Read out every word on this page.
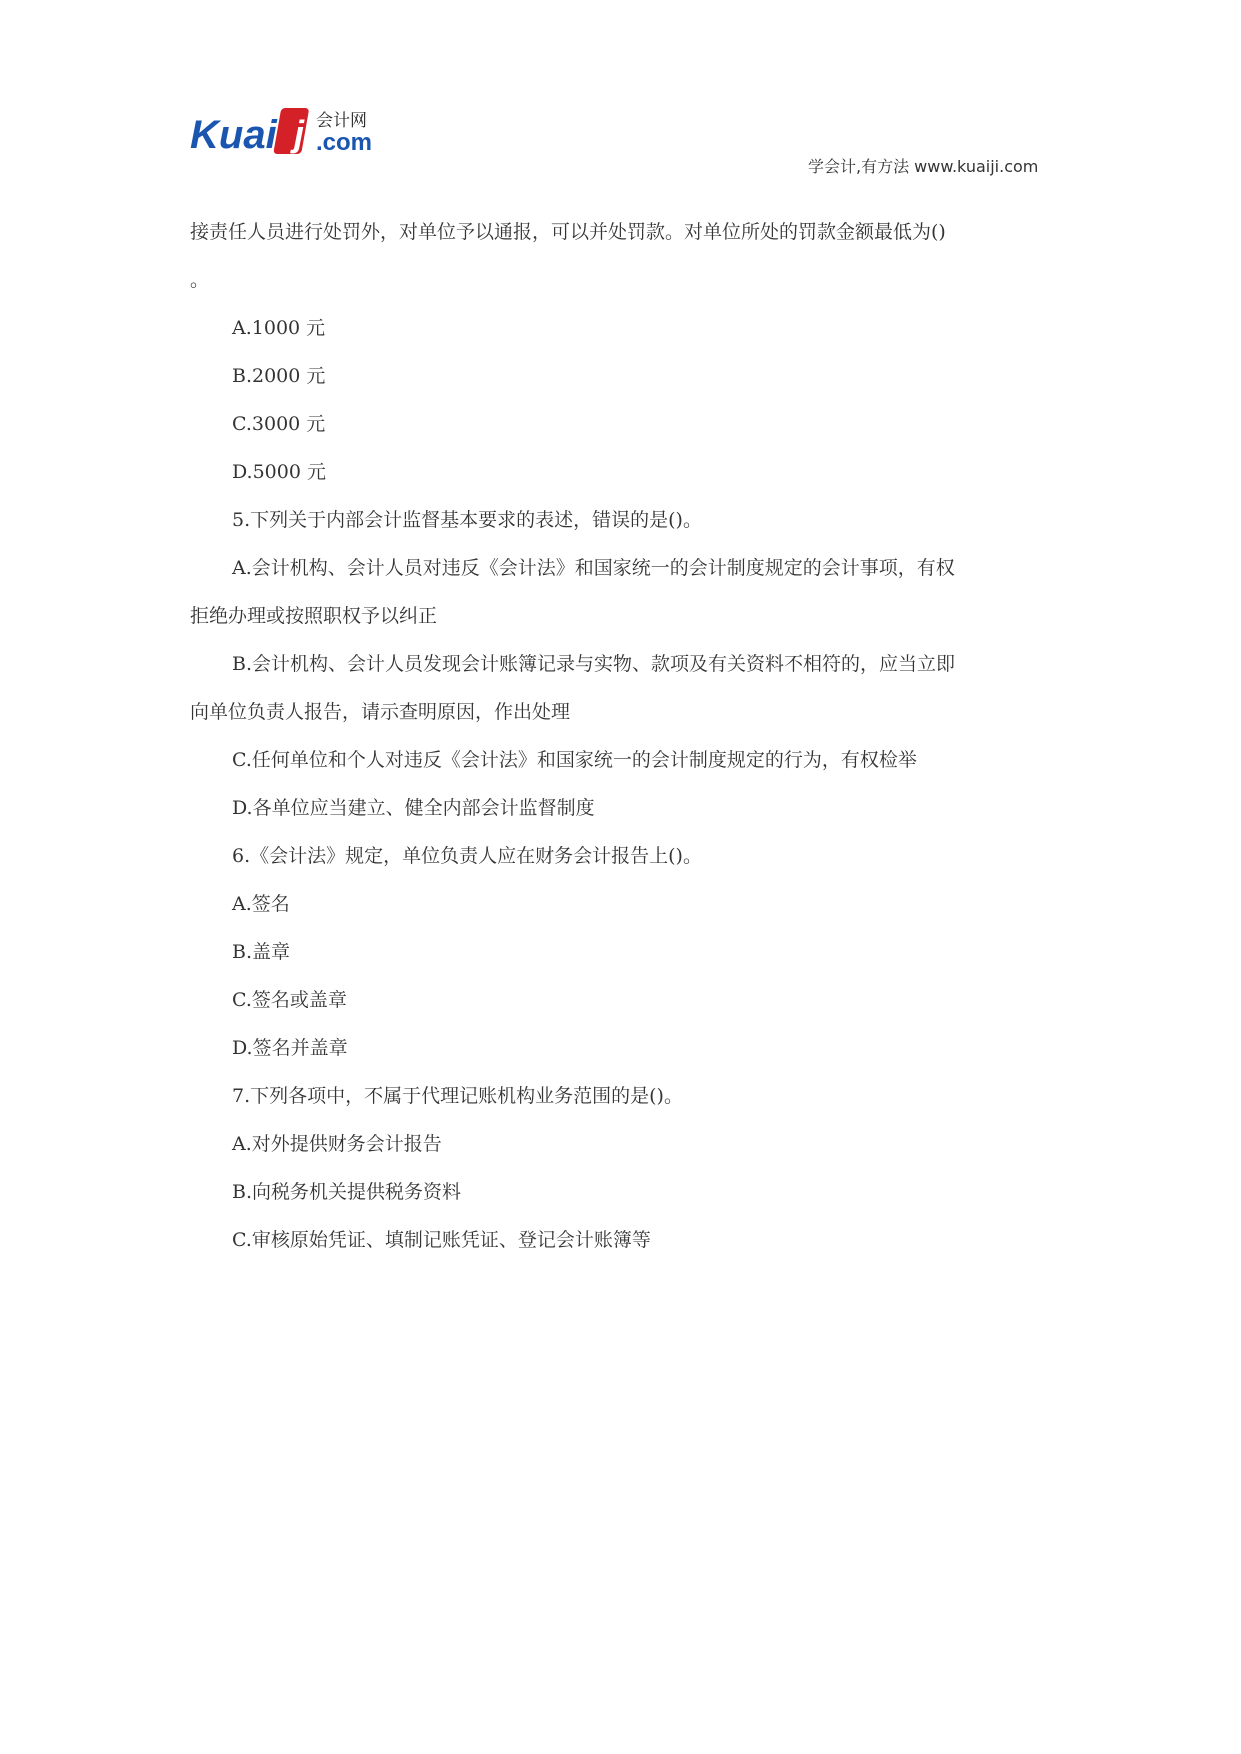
Kuai ji 会计网
.com
学会计,有方法 www.kuaiji.com

接责任人员进行处罚外，对单位予以通报，可以并处罚款。对单位所处的罚款金额最低为()

。

A.1000 元

B.2000 元

C.3000 元

D.5000 元

5.下列关于内部会计监督基本要求的表述，错误的是()。

A.会计机构、会计人员对违反《会计法》和国家统一的会计制度规定的会计事项，有权

拒绝办理或按照职权予以纠正

B.会计机构、会计人员发现会计账簿记录与实物、款项及有关资料不相符的，应当立即

向单位负责人报告，请示查明原因，作出处理

C.任何单位和个人对违反《会计法》和国家统一的会计制度规定的行为，有权检举

D.各单位应当建立、健全内部会计监督制度

6.《会计法》规定，单位负责人应在财务会计报告上()。

A.签名

B.盖章

C.签名或盖章

D.签名并盖章

7.下列各项中，不属于代理记账机构业务范围的是()。

A.对外提供财务会计报告

B.向税务机关提供税务资料

C.审核原始凭证、填制记账凭证、登记会计账簿等
